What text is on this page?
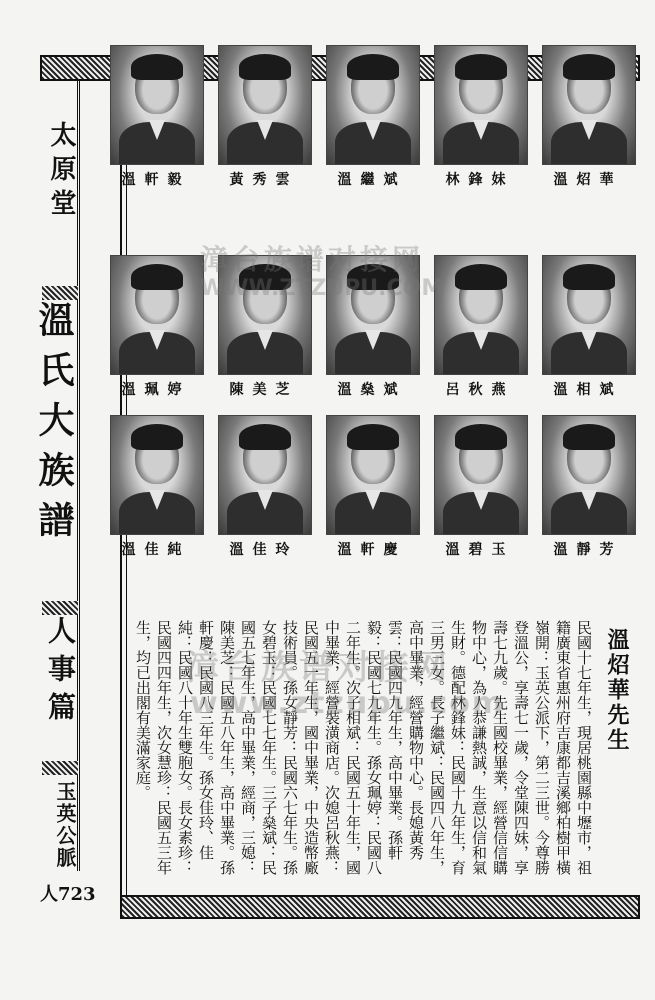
太原堂
溫氏大族譜
人事篇
玉英公脈
人723
溫軒毅	黃秀雲	溫繼斌	林鋒妹	溫炤華
溫珮婷	陳美芝	溫燊斌	呂秋燕	溫相斌
溫佳純	溫佳玲	溫軒慶	溫碧玉	溫靜芳
溫炤華先生
民國十七年生，現居桃園縣中壢市，祖籍廣東省惠州府吉康都吉溪鄉柏樹甲橫嶺開：玉英公派下，第二三世。今尊勝登溫公，享壽七一歲，令堂陳四妹，享壽七九歲。先生國校畢業，經營信信購物中心，為人恭謙熱誠，生意以信和氣生財。德配林鋒妹：民國十九年生，育三男三女。長子繼斌：民國四八年生，高中畢業，經營購物中心。長媳黃秀雲：民國四九年生，高中畢業。孫軒毅：民國七九年生。孫女珮婷：民國八二年生。次子相斌：民國五十年生，國中畢業，經營裝潢商店。次媳呂秋燕：民國五一年生，國中畢業，中央造幣廠技術員。孫女靜芳：民國六七年生。孫女碧玉：民國七七年生。三子燊斌：民國五七年生，高中畢業，經商，三媳：陳美芝：民國五八年生，高中畢業。孫軒慶：民國八三年生。孫女佳玲、佳純：民國八十年生雙胞女。長女素珍：民國四四年生，次女慧珍：民國五三年生，均已出閣有美滿家庭。
漳台族谱对接网
WWW.ZTZUPU.COM
漳台族谱对接网
www.ztzupu.com
